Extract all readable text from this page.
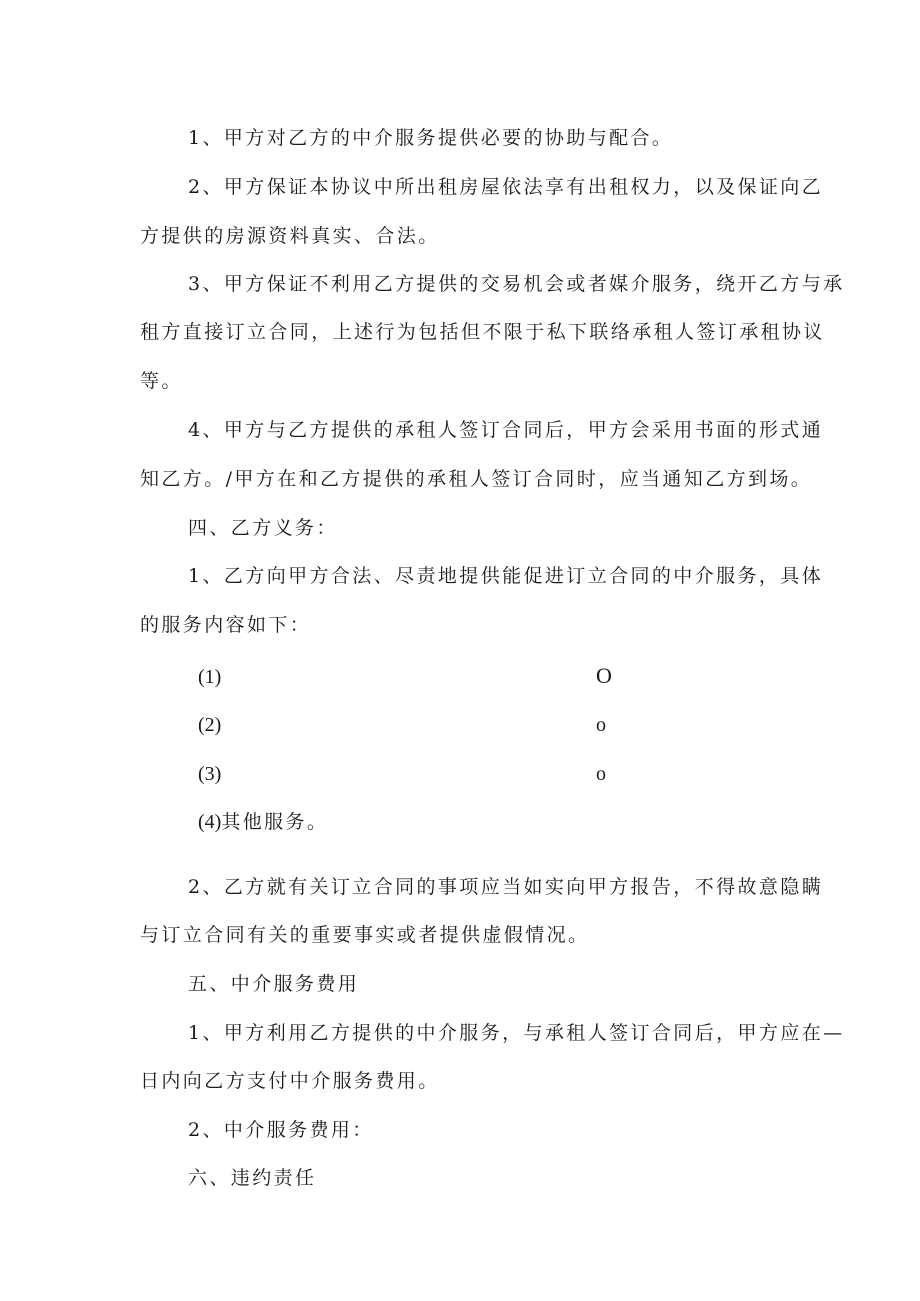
1、甲方对乙方的中介服务提供必要的协助与配合。
2、甲方保证本协议中所出租房屋依法享有出租权力，以及保证向乙
方提供的房源资料真实、合法。
3、甲方保证不利用乙方提供的交易机会或者媒介服务，绕开乙方与承
租方直接订立合同，上述行为包括但不限于私下联络承租人签订承租协议
等。
4、甲方与乙方提供的承租人签订合同后，甲方会采用书面的形式通
知乙方。/甲方在和乙方提供的承租人签订合同时，应当通知乙方到场。
四、乙方义务：
1、乙方向甲方合法、尽责地提供能促进订立合同的中介服务，具体
的服务内容如下：
(1)	O
(2)	o
(3)	o
(4)其他服务。
2、乙方就有关订立合同的事项应当如实向甲方报告，不得故意隐瞒
与订立合同有关的重要事实或者提供虚假情况。
五、中介服务费用
1、甲方利用乙方提供的中介服务，与承租人签订合同后，甲方应在—
日内向乙方支付中介服务费用。
2、中介服务费用：
六、违约责任
